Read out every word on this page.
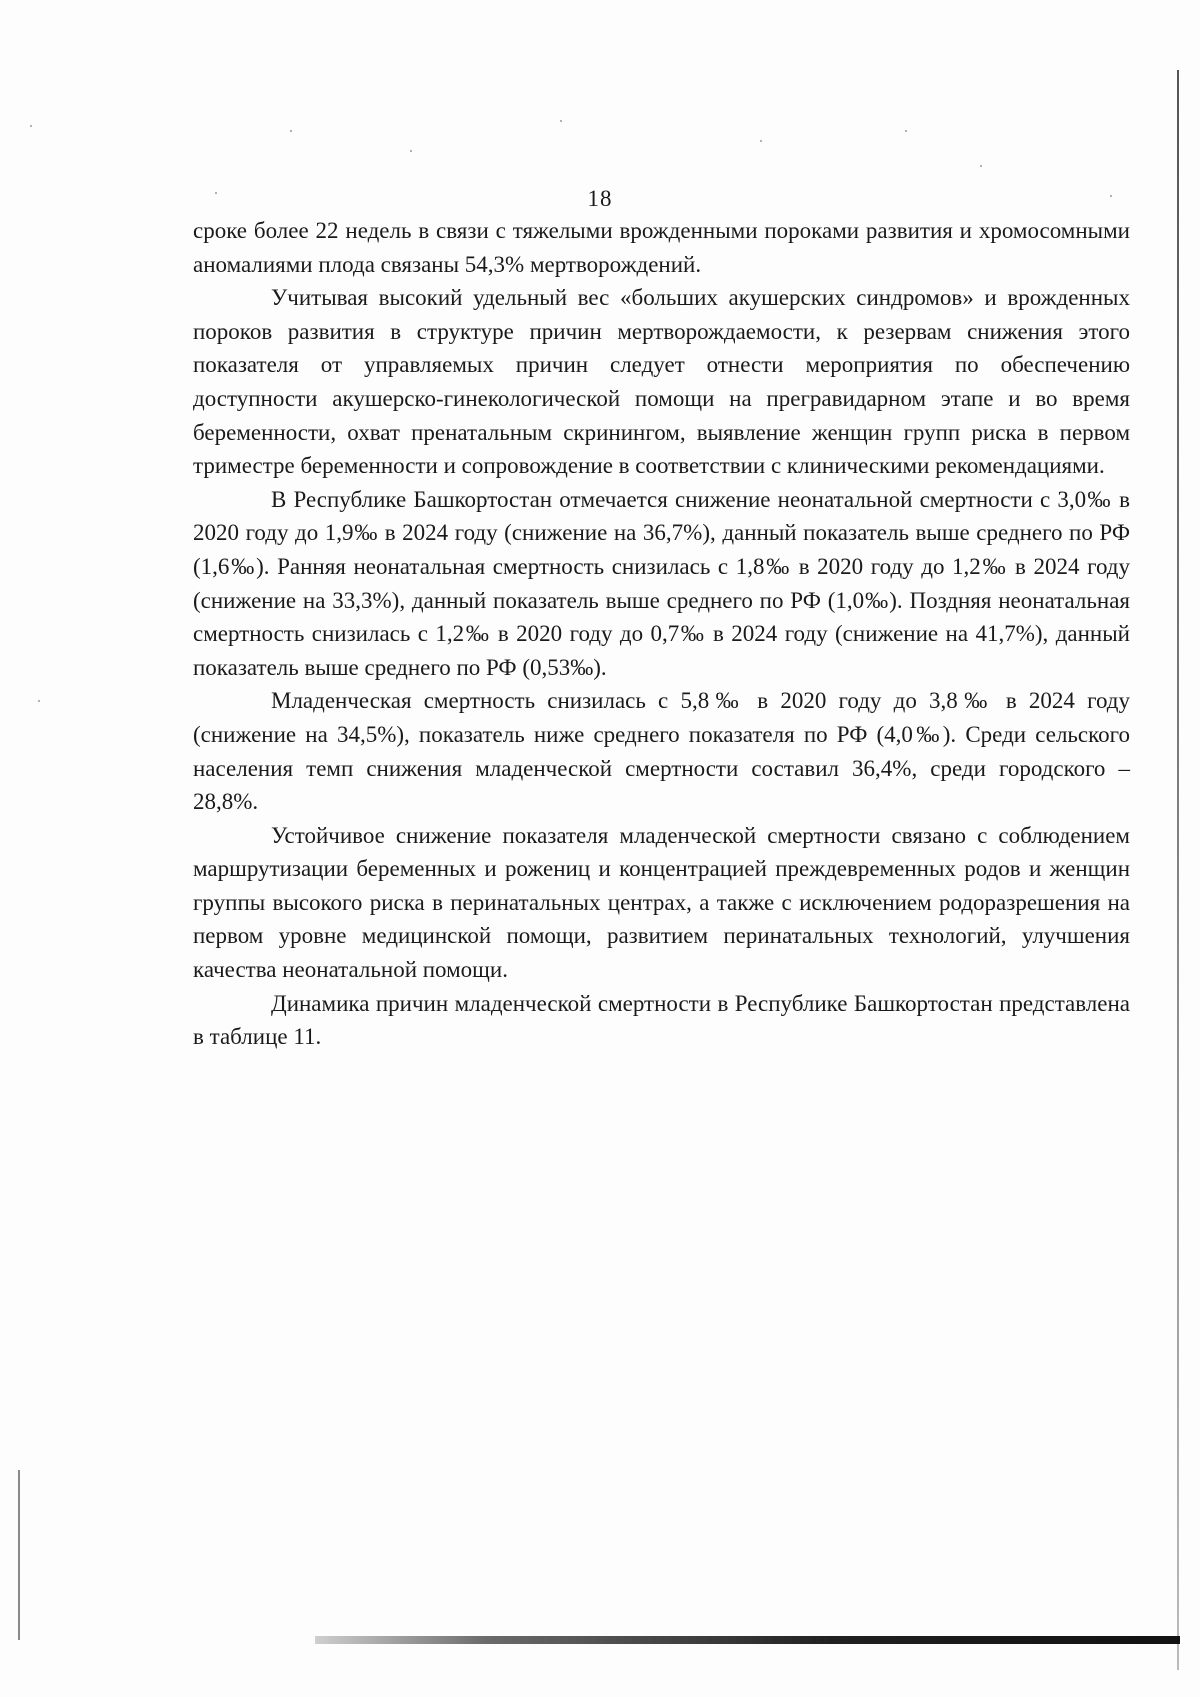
18

сроке более 22 недель в связи с тяжелыми врожденными пороками развития и хромосомными аномалиями плода связаны 54,3% мертворождений.

Учитывая высокий удельный вес «больших акушерских синдромов» и врожденных пороков развития в структуре причин мертворождаемости, к резервам снижения этого показателя от управляемых причин следует отнести мероприятия по обеспечению доступности акушерско-гинекологической помощи на прегравидарном этапе и во время беременности, охват пренатальным скринингом, выявление женщин групп риска в первом триместре беременности и сопровождение в соответствии с клиническими рекомендациями.

В Республике Башкортостан отмечается снижение неонатальной смертности с 3,0‰ в 2020 году до 1,9‰ в 2024 году (снижение на 36,7%), данный показатель выше среднего по РФ (1,6‰). Ранняя неонатальная смертность снизилась с 1,8‰ в 2020 году до 1,2‰ в 2024 году (снижение на 33,3%), данный показатель выше среднего по РФ (1,0‰). Поздняя неонатальная смертность снизилась с 1,2‰ в 2020 году до 0,7‰ в 2024 году (снижение на 41,7%), данный показатель выше среднего по РФ (0,53‰).

Младенческая смертность снизилась с 5,8‰ в 2020 году до 3,8‰ в 2024 году (снижение на 34,5%), показатель ниже среднего показателя по РФ (4,0‰). Среди сельского населения темп снижения младенческой смертности составил 36,4%, среди городского – 28,8%.

Устойчивое снижение показателя младенческой смертности связано с соблюдением маршрутизации беременных и рожениц и концентрацией преждевременных родов и женщин группы высокого риска в перинатальных центрах, а также с исключением родоразрешения на первом уровне медицинской помощи, развитием перинатальных технологий, улучшения качества неонатальной помощи.

Динамика причин младенческой смертности в Республике Башкортостан представлена в таблице 11.
